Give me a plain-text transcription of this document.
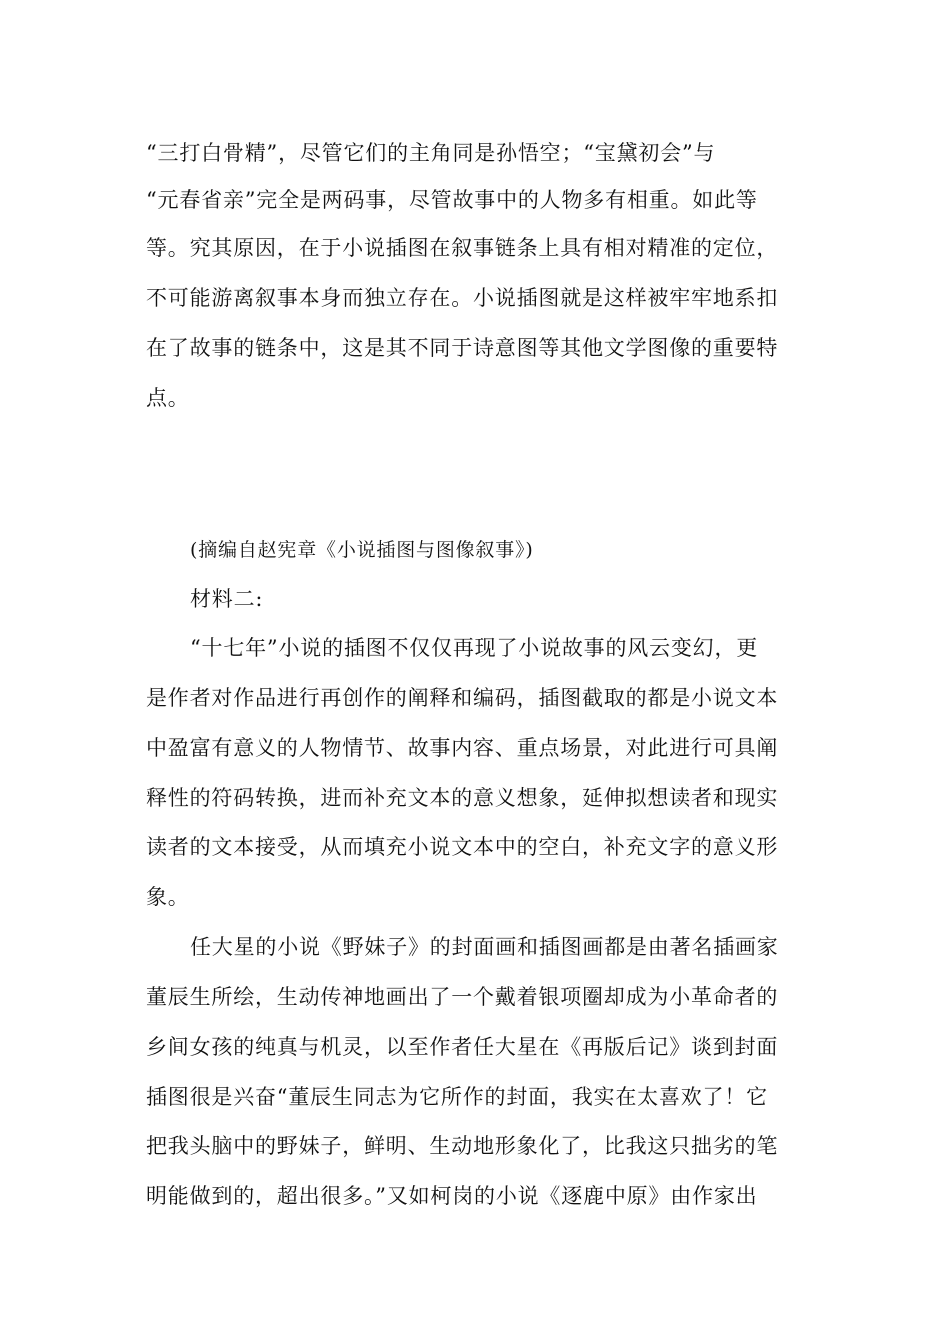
“三打白骨精”，尽管它们的主角同是孙悟空；“宝黛初会”与
“元春省亲”完全是两码事，尽管故事中的人物多有相重。如此等
等。究其原因，在于小说插图在叙事链条上具有相对精准的定位，
不可能游离叙事本身而独立存在。小说插图就是这样被牢牢地系扣
在了故事的链条中，这是其不同于诗意图等其他文学图像的重要特
点。
(摘编自赵宪章《小说插图与图像叙事》)
材料二:
“十七年”小说的插图不仅仅再现了小说故事的风云变幻，更
是作者对作品进行再创作的阐释和编码，插图截取的都是小说文本
中盈富有意义的人物情节、故事内容、重点场景，对此进行可具阐
释性的符码转换，进而补充文本的意义想象，延伸拟想读者和现实
读者的文本接受，从而填充小说文本中的空白，补充文字的意义形
象。
任大星的小说《野妹子》的封面画和插图画都是由著名插画家
董辰生所绘，生动传神地画出了一个戴着银项圈却成为小革命者的
乡间女孩的纯真与机灵，以至作者任大星在《再版后记》谈到封面
插图很是兴奋“董辰生同志为它所作的封面，我实在太喜欢了！它
把我头脑中的野妹子，鲜明、生动地形象化了，比我这只拙劣的笔
明能做到的，超出很多。”又如柯岗的小说《逐鹿中原》由作家出
